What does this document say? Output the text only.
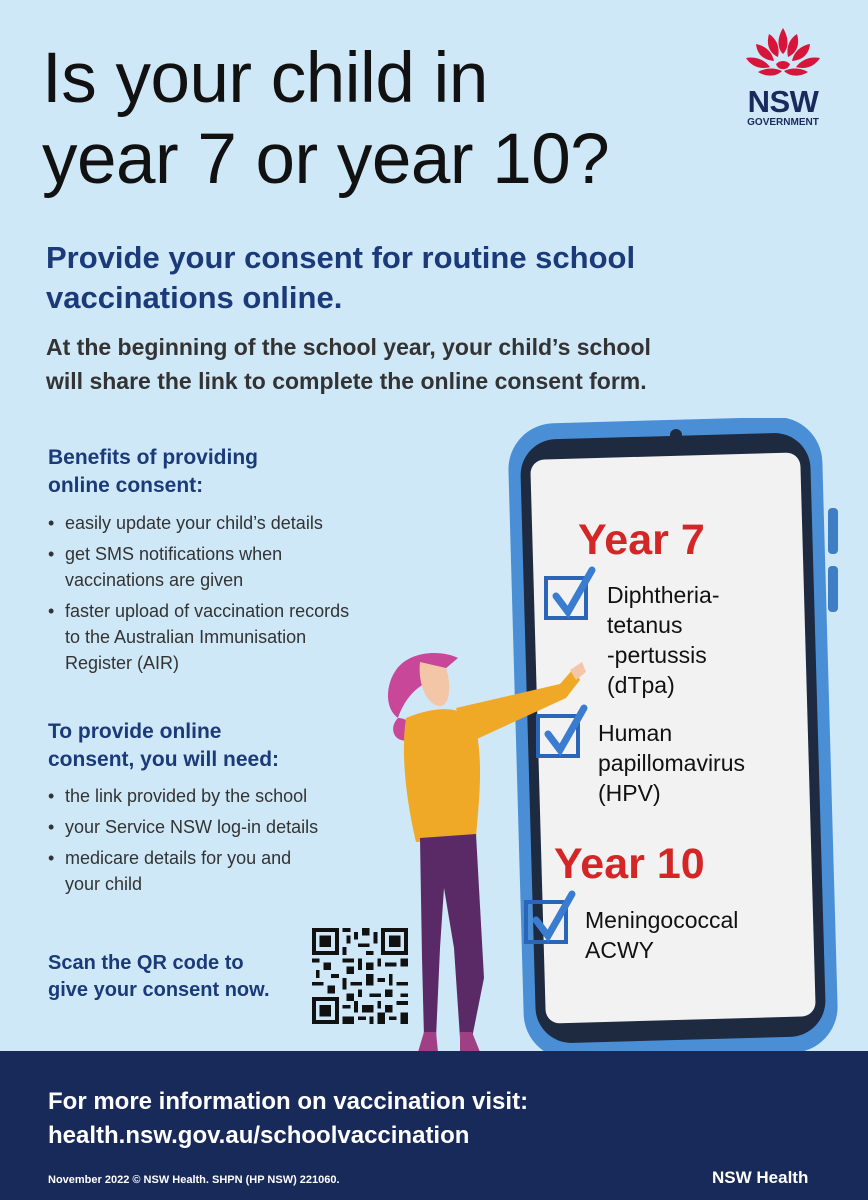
Is your child in
year 7 or year 10?
NSW
GOVERNMENT
Provide your consent for routine school
vaccinations online.

At the beginning of the school year, your child’s school
will share the link to complete the online consent form.

Year 7
Diphtheria-
tetanus
-pertussis
(dTpa)
Human
papillomavirus
(HPV)
Year 10
Meningococcal
ACWY
Benefits of providing
online consent:
• easily update your child’s details
• get SMS notifications when vaccinations are given
• faster upload of vaccination records to the Australian Immunisation Register (AIR)
To provide online
consent, you will need:
• the link provided by the school
• your Service NSW log-in details
• medicare details for you and your child

Scan the QR code to
give your consent now.

For more information on vaccination visit:
health.nsw.gov.au/schoolvaccination

November 2022 © NSW Health. SHPN (HP NSW) 221060.	NSW Health
